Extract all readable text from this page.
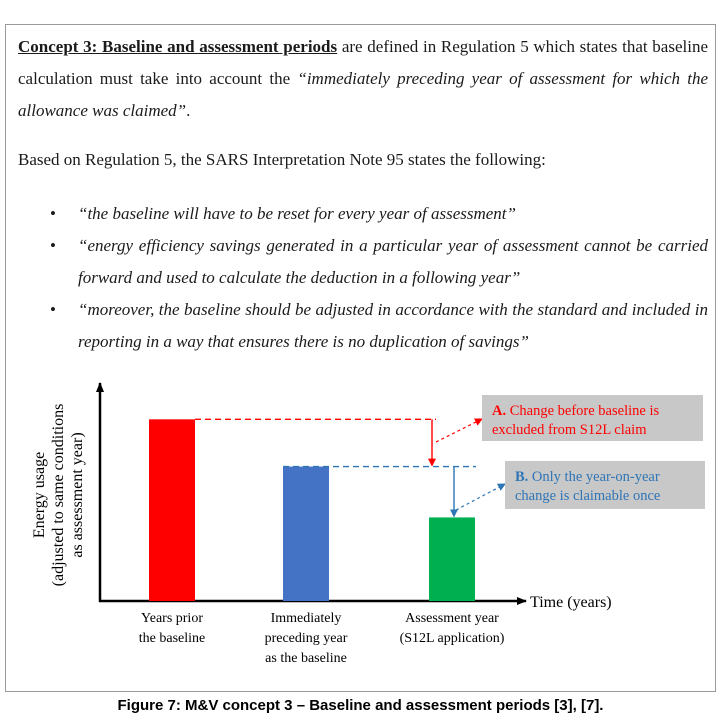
Concept 3: Baseline and assessment periods are defined in Regulation 5 which states that baseline calculation must take into account the “immediately preceding year of assessment for which the allowance was claimed”.
Based on Regulation 5, the SARS Interpretation Note 95 states the following:
• “the baseline will have to be reset for every year of assessment”
• “energy efficiency savings generated in a particular year of assessment cannot be carried forward and used to calculate the deduction in a following year”
• “moreover, the baseline should be adjusted in accordance with the standard and included in reporting in a way that ensures there is no duplication of savings”
Time (years)
Energy usage (adjusted to same conditions as assessment year)
Years prior the baseline
Immediately preceding year as the baseline
Assessment year (S12L application)
A. Change before baseline is excluded from S12L claim
B. Only the year-on-year change is claimable once
Figure 7: M&V concept 3 – Baseline and assessment periods [3], [7].
